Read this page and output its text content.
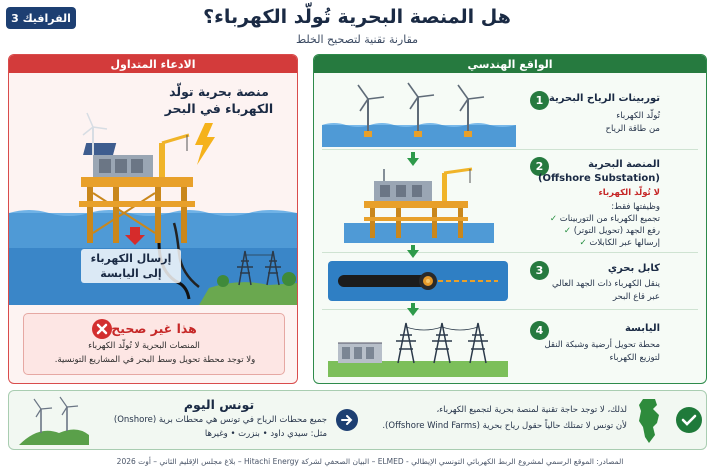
الفرافيك 3	هل المنصة البحرية تُولّد الكهرباء؟
مقارنة تقنية لتصحيح الخلط
الادعاء المتداول
منصة بحرية تولّد
الكهرباء في البحر
إرسال الكهرباء
إلى اليابسة
هذا غير صحيح
المنصات البحرية لا تُولّد الكهرباء
ولا توجد محطة تحويل وسط البحر في المشاريع التونسية.
الواقع الهندسي
1 توربينات الرياح البحرية
تُولّد الكهرباء
من طاقة الرياح
2	المنصة البحرية
(Offshore Substation)
لا تُولّد الكهرباء
وظيفتها فقط:
تجميع الكهرباء من التوربينات ✓
رفع الجهد (تحويل التوتر) ✓
إرسالها عبر الكابلات ✓
3	كابل بحري
ينقل الكهرباء ذات الجهد العالي
عبر قاع البحر
4	اليابسة
محطة تحويل أرضية وشبكة النقل
لتوزيع الكهرباء
تونس اليوم
جميع محطات الرياح في تونس هي محطات برية (Onshore)
مثل: سيدي داود • بنزرت • وغيرها
لذلك، لا توجد حاجة تقنية لمنصة بحرية لتجميع الكهرباء،
لأن تونس لا تمتلك حالياً حقول رياح بحرية (Offshore Wind Farms).
المصادر: الموقع الرسمي لمشروع الربط الكهربائي التونسي الإيطالي - ELMED – البيان الصحفي لشركة Hitachi Energy – بلاغ مجلس الإقليم الثاني – أوت 2026
